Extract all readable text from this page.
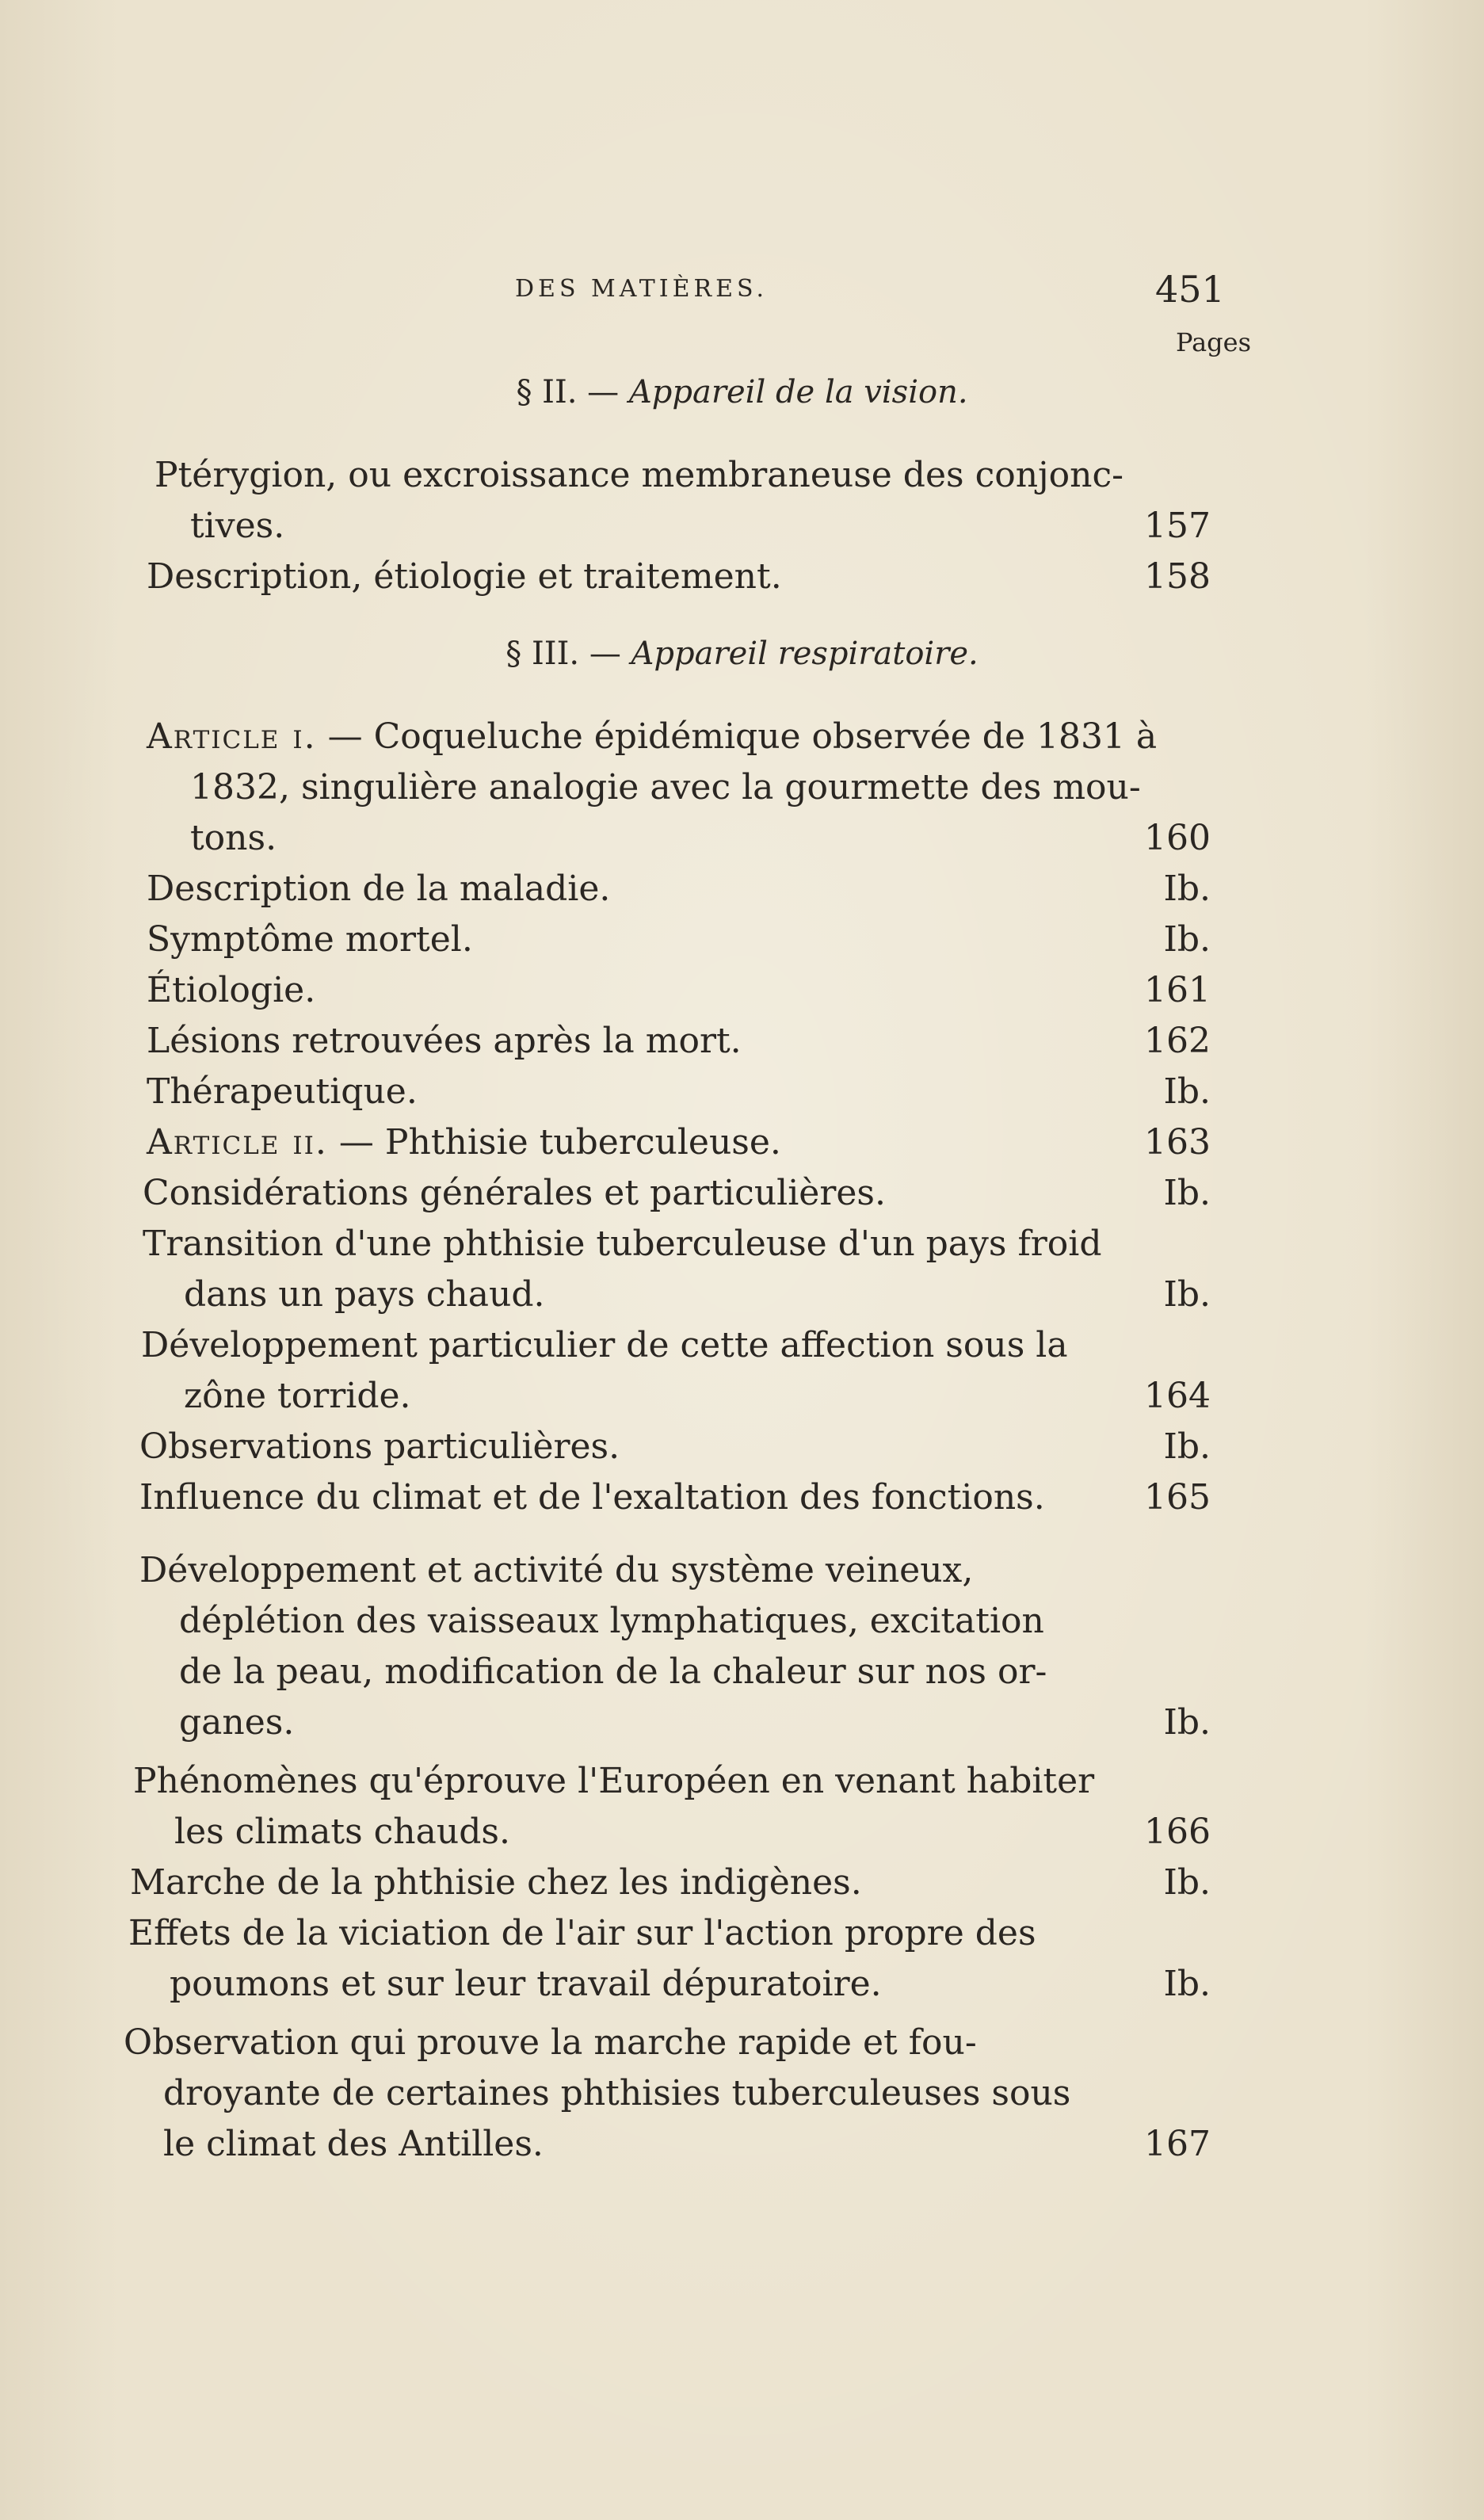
DES MATIÈRES.	451
Pages
§ II. — Appareil de la vision.
§ III. — Appareil respiratoire.
Ptérygion, ou excroissance membraneuse des conjonc-
tives.	157
Description, étiologie et traitement.	158
Article i. — Coqueluche épidémique observée de 1831 à
1832, singulière analogie avec la gourmette des mou-
tons.	160
Description de la maladie.	Ib.
Symptôme mortel.	Ib.
Étiologie.	161
Lésions retrouvées après la mort.	162
Thérapeutique.	Ib.
Article ii. — Phthisie tuberculeuse.	163
Considérations générales et particulières.	Ib.
Transition d'une phthisie tuberculeuse d'un pays froid
dans un pays chaud.	Ib.
Développement particulier de cette affection sous la
zône torride.	164
Observations particulières.	Ib.
Influence du climat et de l'exaltation des fonctions.	165
Développement et activité du système veineux,
déplétion des vaisseaux lymphatiques, excitation
de la peau, modification de la chaleur sur nos or-
ganes.	Ib.
Phénomènes qu'éprouve l'Européen en venant habiter
les climats chauds.	166
Marche de la phthisie chez les indigènes.	Ib.
Effets de la viciation de l'air sur l'action propre des
poumons et sur leur travail dépuratoire.	Ib.
Observation qui prouve la marche rapide et fou-
droyante de certaines phthisies tuberculeuses sous
le climat des Antilles.	167
